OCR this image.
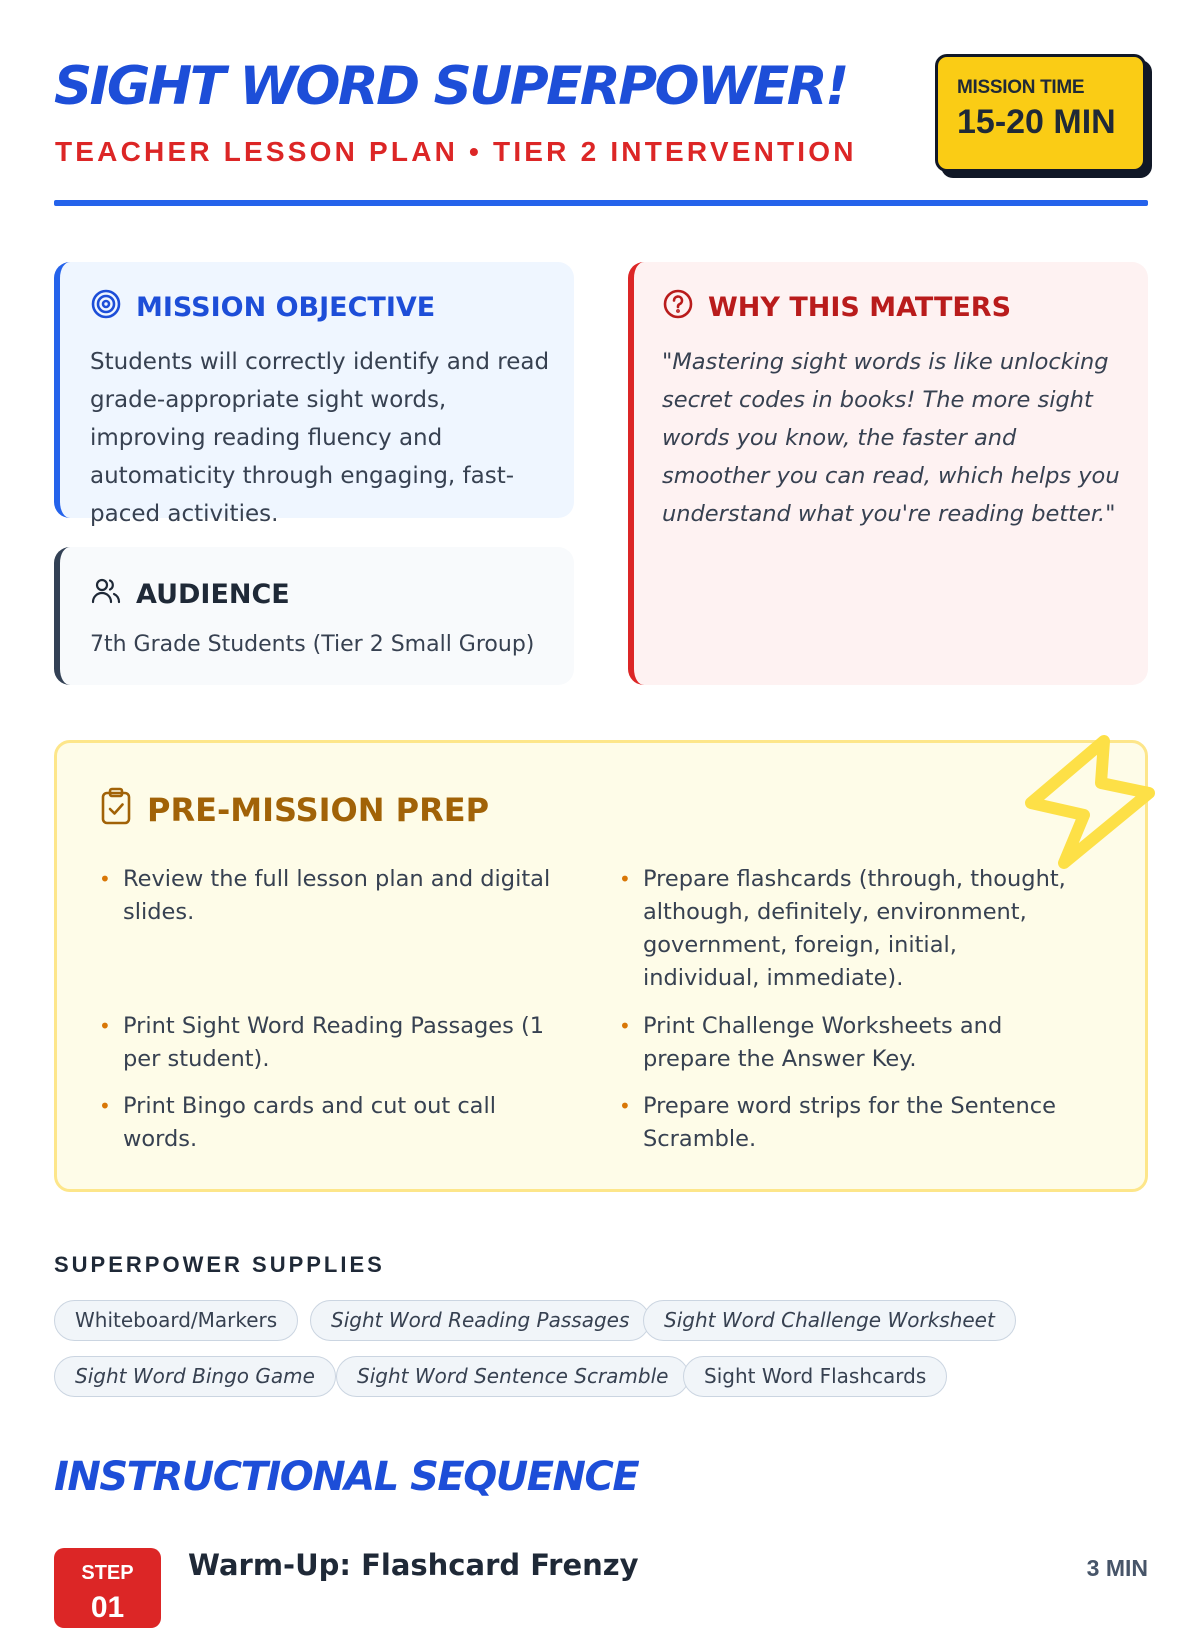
SIGHT WORD SUPERPOWER!
TEACHER LESSON PLAN • TIER 2 INTERVENTION
MISSION TIME
15-20 MIN
MISSION OBJECTIVE
Students will correctly identify and read grade-appropriate sight words, improving reading fluency and automaticity through engaging, fast-paced activities.
AUDIENCE
7th Grade Students (Tier 2 Small Group)
WHY THIS MATTERS
"Mastering sight words is like unlocking secret codes in books! The more sight words you know, the faster and smoother you can read, which helps you understand what you're reading better."
PRE-MISSION PREP
• Review the full lesson plan and digital slides.
• Prepare flashcards (through, thought, although, definitely, environment, government, foreign, initial, individual, immediate).
• Print Sight Word Reading Passages (1 per student).
• Print Challenge Worksheets and prepare the Answer Key.
• Print Bingo cards and cut out call words.
• Prepare word strips for the Sentence Scramble.
SUPERPOWER SUPPLIES
Whiteboard/Markers	Sight Word Reading Passages	Sight Word Challenge Worksheet
Sight Word Bingo Game	Sight Word Sentence Scramble	Sight Word Flashcards
INSTRUCTIONAL SEQUENCE
STEP
01
Warm-Up: Flashcard Frenzy	3 MIN
